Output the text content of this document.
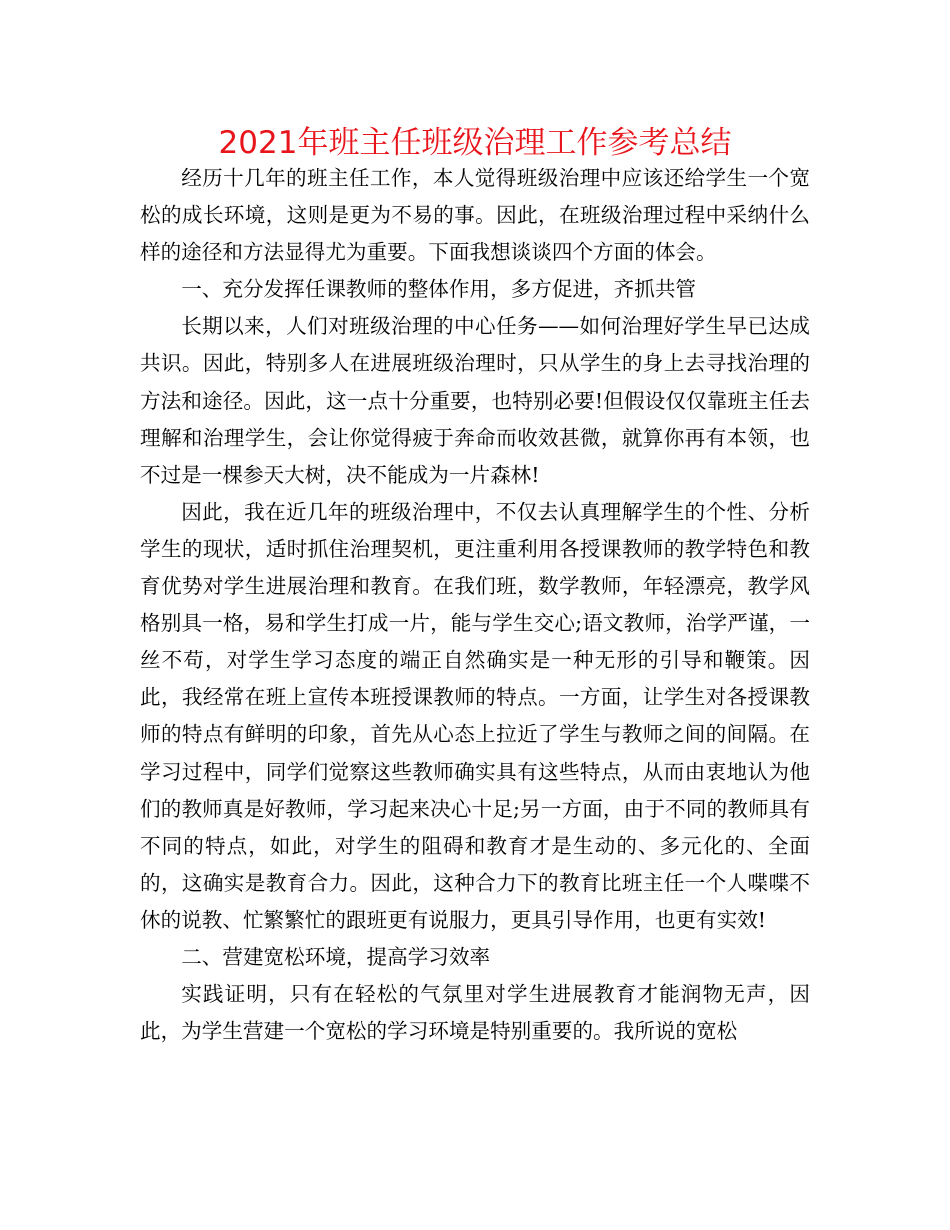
2021年班主任班级治理工作参考总结

经历十几年的班主任工作，本人觉得班级治理中应该还给学生一个宽松的成长环境，这则是更为不易的事。因此，在班级治理过程中采纳什么样的途径和方法显得尤为重要。下面我想谈谈四个方面的体会。

一、充分发挥任课教师的整体作用，多方促进，齐抓共管

长期以来，人们对班级治理的中心任务——如何治理好学生早已达成共识。因此，特别多人在进展班级治理时，只从学生的身上去寻找治理的方法和途径。因此，这一点十分重要，也特别必要!但假设仅仅靠班主任去理解和治理学生，会让你觉得疲于奔命而收效甚微，就算你再有本领，也不过是一棵参天大树，决不能成为一片森林!

因此，我在近几年的班级治理中，不仅去认真理解学生的个性、分析学生的现状，适时抓住治理契机，更注重利用各授课教师的教学特色和教育优势对学生进展治理和教育。在我们班，数学教师，年轻漂亮，教学风格别具一格，易和学生打成一片，能与学生交心;语文教师，治学严谨，一丝不苟，对学生学习态度的端正自然确实是一种无形的引导和鞭策。因此，我经常在班上宣传本班授课教师的特点。一方面，让学生对各授课教师的特点有鲜明的印象，首先从心态上拉近了学生与教师之间的间隔。在学习过程中，同学们觉察这些教师确实具有这些特点，从而由衷地认为他们的教师真是好教师，学习起来决心十足;另一方面，由于不同的教师具有不同的特点，如此，对学生的阻碍和教育才是生动的、多元化的、全面的，这确实是教育合力。因此，这种合力下的教育比班主任一个人喋喋不休的说教、忙繁繁忙的跟班更有说服力，更具引导作用，也更有实效!

二、营建宽松环境，提高学习效率

实践证明，只有在轻松的气氛里对学生进展教育才能润物无声，因此，为学生营建一个宽松的学习环境是特别重要的。我所说的宽松
